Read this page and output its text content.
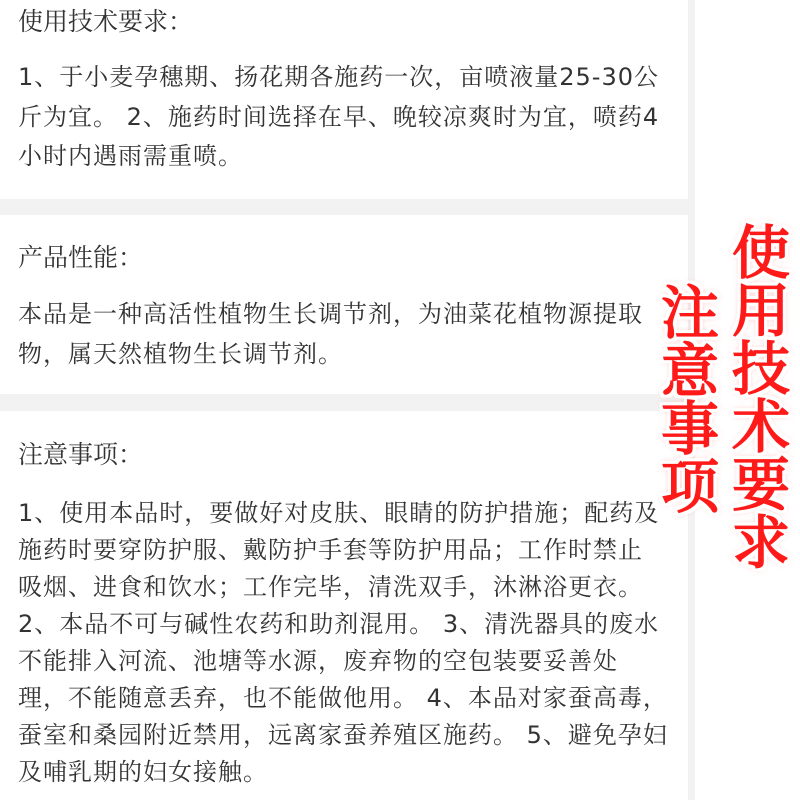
使用技术要求：
1、于小麦孕穗期、扬花期各施药一次，亩喷液量25-30公
斤为宜。 2、施药时间选择在早、晚较凉爽时为宜，喷药4
小时内遇雨需重喷。
产品性能：
本品是一种高活性植物生长调节剂，为油菜花植物源提取
物，属天然植物生长调节剂。
注意事项：
1、使用本品时，要做好对皮肤、眼睛的防护措施；配药及
施药时要穿防护服、戴防护手套等防护用品；工作时禁止
吸烟、进食和饮水；工作完毕，清洗双手，沐淋浴更衣。
2、本品不可与碱性农药和助剂混用。 3、清洗器具的废水
不能排入河流、池塘等水源，废弃物的空包装要妥善处
理，不能随意丢弃，也不能做他用。 4、本品对家蚕高毒，
蚕室和桑园附近禁用，远离家蚕养殖区施药。 5、避免孕妇
及哺乳期的妇女接触。
注意事项 使用技术要求
